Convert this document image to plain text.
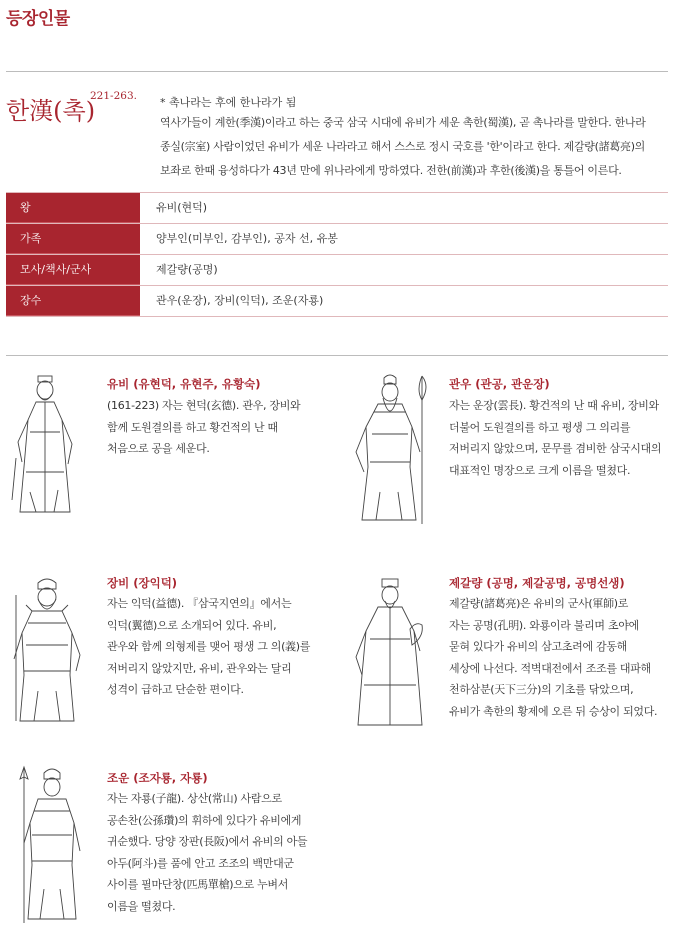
등장인물
한漢(촉)
221-263. * 촉나라는 후에 한나라가 됨
역사가들이 계한(季漢)이라고 하는 중국 삼국 시대에 유비가 세운 촉한(蜀漢), 곧 촉나라를 말한다. 한나라
종실(宗室) 사람이었던 유비가 세운 나라라고 해서 스스로 정시 국호를 '한'이라고 한다. 제갈량(諸葛亮)의
보좌로 한때 융성하다가 43년 만에 위나라에게 망하였다. 전한(前漢)과 후한(後漢)을 통틀어 이른다.
왕	유비(현덕)
가족	양부인(미부인, 감부인), 공자 선, 유봉
모사/책사/군사	제갈량(공명)
장수	관우(운장), 장비(익덕), 조운(자룡)
유비 (유현덕, 유현주, 유황숙)
(161-223) 자는 현덕(玄德). 관우, 장비와
함께 도원결의를 하고 황건적의 난 때
처음으로 공을 세운다.
관우 (관공, 관운장)
자는 운장(雲長). 황건적의 난 때 유비, 장비와
더불어 도원결의를 하고 평생 그 의리를
저버리지 않았으며, 문무를 겸비한 삼국시대의
대표적인 명장으로 크게 이름을 떨쳤다.
장비 (장익덕)
자는 익덕(益德). 『삼국지연의』에서는
익덕(翼德)으로 소개되어 있다. 유비,
관우와 함께 의형제를 맺어 평생 그 의(義)를
저버리지 않았지만, 유비, 관우와는 달리
성격이 급하고 단순한 편이다.
제갈량 (공명, 제갈공명, 공명선생)
제갈량(諸葛亮)은 유비의 군사(軍師)로
자는 공명(孔明). 와룡이라 불리며 초야에
묻혀 있다가 유비의 삼고초려에 감동해
세상에 나선다. 적벽대전에서 조조를 대파해
천하삼분(天下三分)의 기초를 닦았으며,
유비가 촉한의 황제에 오른 뒤 승상이 되었다.
조운 (조자룡, 자룡)
자는 자룡(子龍). 상산(常山) 사람으로
공손찬(公孫瓚)의 휘하에 있다가 유비에게
귀순했다. 당양 장판(長阪)에서 유비의 아들
아두(阿斗)를 품에 안고 조조의 백만대군
사이를 필마단창(匹馬單槍)으로 누벼서
이름을 떨쳤다.
